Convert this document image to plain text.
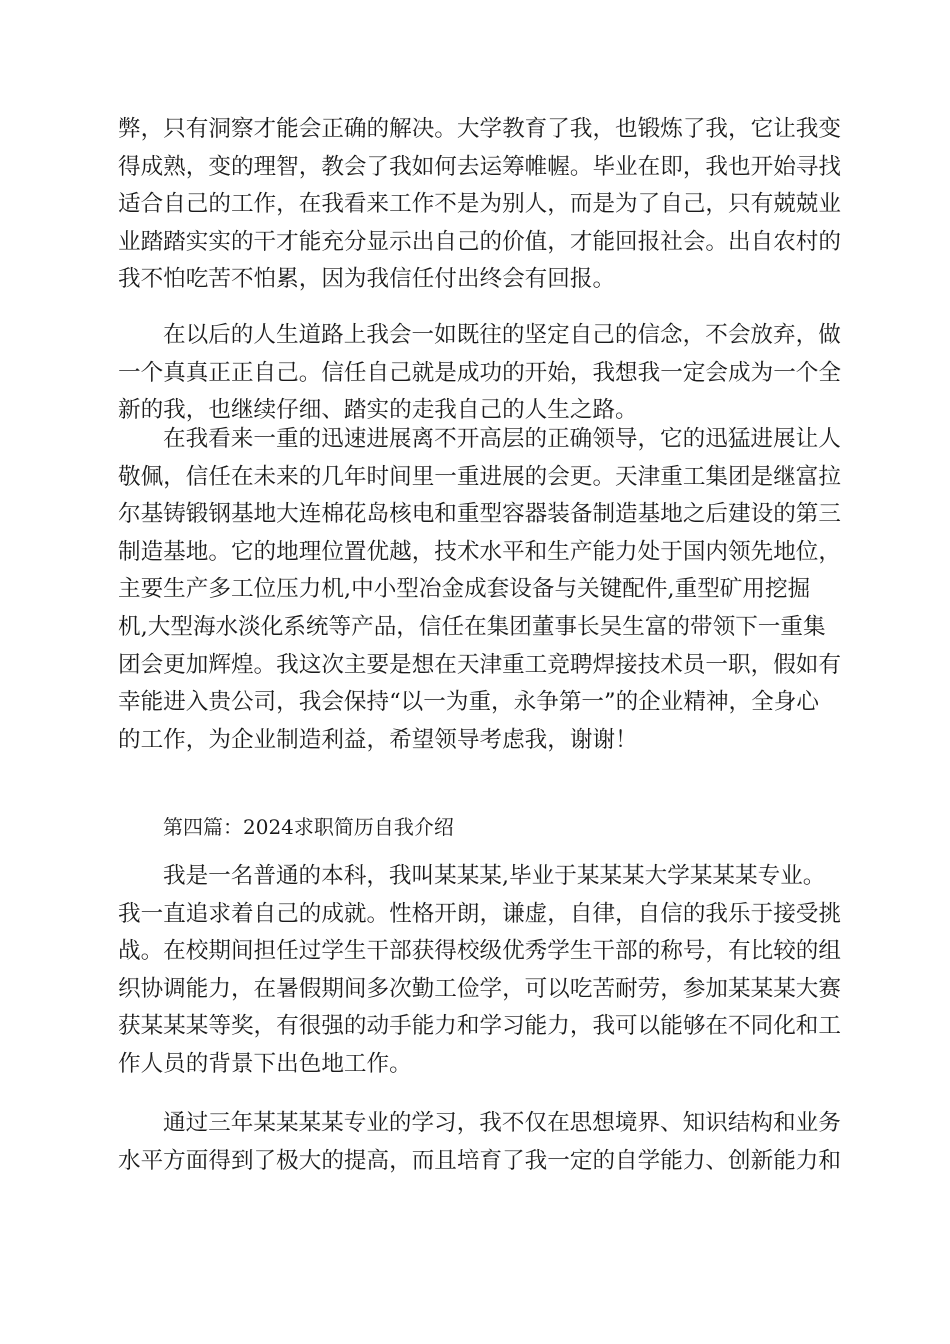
弊，只有洞察才能会正确的解决。大学教育了我，也锻炼了我，它让我变
得成熟，变的理智，教会了我如何去运筹帷幄。毕业在即，我也开始寻找
适合自己的工作，在我看来工作不是为别人，而是为了自己，只有兢兢业
业踏踏实实的干才能充分显示出自己的价值，才能回报社会。出自农村的
我不怕吃苦不怕累，因为我信任付出终会有回报。
在以后的人生道路上我会一如既往的坚定自己的信念，不会放弃，做
一个真真正正自己。信任自己就是成功的开始，我想我一定会成为一个全
新的我，也继续仔细、踏实的走我自己的人生之路。
在我看来一重的迅速进展离不开高层的正确领导，它的迅猛进展让人
敬佩，信任在未来的几年时间里一重进展的会更。天津重工集团是继富拉
尔基铸锻钢基地大连棉花岛核电和重型容器装备制造基地之后建设的第三
制造基地。它的地理位置优越，技术水平和生产能力处于国内领先地位，
主要生产多工位压力机,中小型冶金成套设备与关键配件,重型矿用挖掘
机,大型海水淡化系统等产品，信任在集团董事长吴生富的带领下一重集
团会更加辉煌。我这次主要是想在天津重工竞聘焊接技术员一职，假如有
幸能进入贵公司，我会保持“以一为重，永争第一”的企业精神，全身心
的工作，为企业制造利益，希望领导考虑我，谢谢！
第四篇：2024求职简历自我介绍
我是一名普通的本科，我叫某某某,毕业于某某某大学某某某专业。
我一直追求着自己的成就。性格开朗，谦虚，自律，自信的我乐于接受挑
战。在校期间担任过学生干部获得校级优秀学生干部的称号，有比较的组
织协调能力，在暑假期间多次勤工俭学，可以吃苦耐劳，参加某某某大赛
获某某某等奖，有很强的动手能力和学习能力，我可以能够在不同化和工
作人员的背景下出色地工作。
通过三年某某某某专业的学习，我不仅在思想境界、知识结构和业务
水平方面得到了极大的提高，而且培育了我一定的自学能力、创新能力和
